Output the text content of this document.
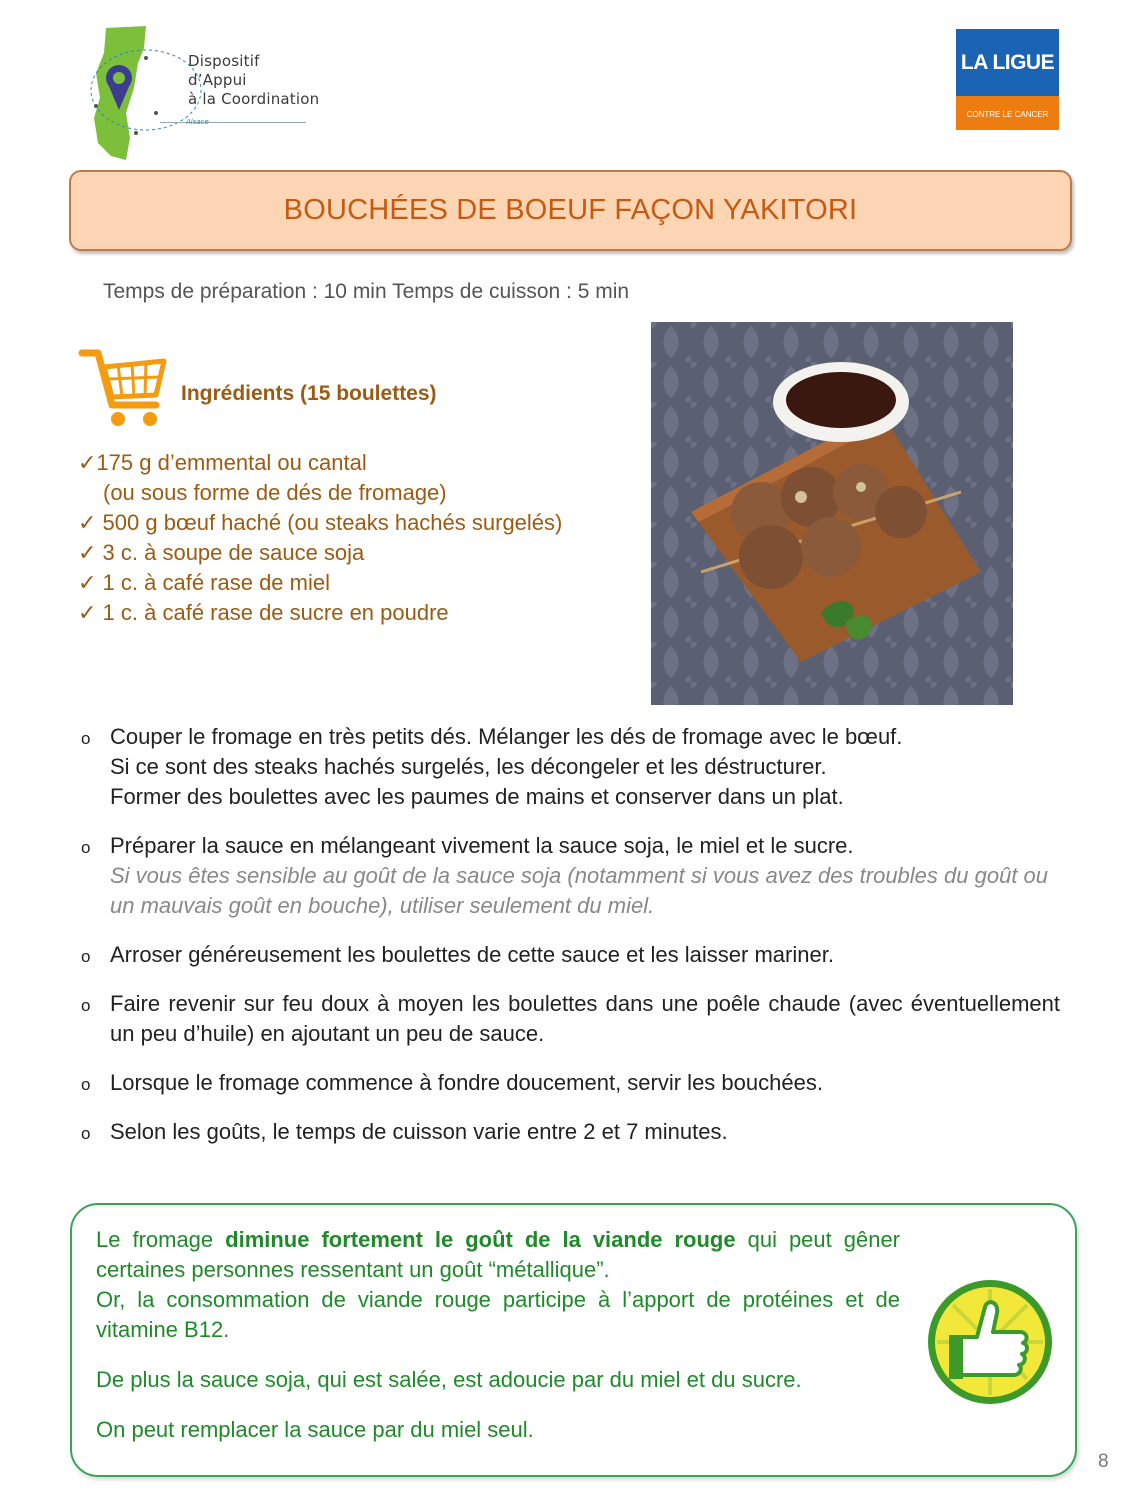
Dispositif
d’Appui
à la Coordination
Alsace
LA LIGUE
CONTRE LE CANCER
BOUCHÉES DE BOEUF FAÇON YAKITORI
Temps de préparation : 10 min Temps de cuisson : 5 min
Ingrédients (15 boulettes)
✓175 g d’emmental ou cantal
(ou sous forme de dés de fromage)
✓ 500 g bœuf haché (ou steaks hachés surgelés)
✓ 3 c. à soupe de sauce soja
✓ 1 c. à café rase de miel
✓ 1 c. à café rase de sucre en poudre
o Couper le fromage en très petits dés. Mélanger les dés de fromage avec le bœuf.
Si ce sont des steaks hachés surgelés, les décongeler et les déstructurer.
Former des boulettes avec les paumes de mains et conserver dans un plat.
o Préparer la sauce en mélangeant vivement la sauce soja, le miel et le sucre.
Si vous êtes sensible au goût de la sauce soja (notamment si vous avez des troubles du goût ou un mauvais goût en bouche), utiliser seulement du miel.
o Arroser généreusement les boulettes de cette sauce et les laisser mariner.
o Faire revenir sur feu doux à moyen les boulettes dans une poêle chaude (avec éventuellement un peu d’huile) en ajoutant un peu de sauce.
o Lorsque le fromage commence à fondre doucement, servir les bouchées.
o Selon les goûts, le temps de cuisson varie entre 2 et 7 minutes.

Le fromage diminue fortement le goût de la viande rouge qui peut gêner certaines personnes ressentant un goût “métallique”.
Or, la consommation de viande rouge participe à l’apport de protéines et de vitamine B12.

De plus la sauce soja, qui est salée, est adoucie par du miel et du sucre.

On peut remplacer la sauce par du miel seul.

8
